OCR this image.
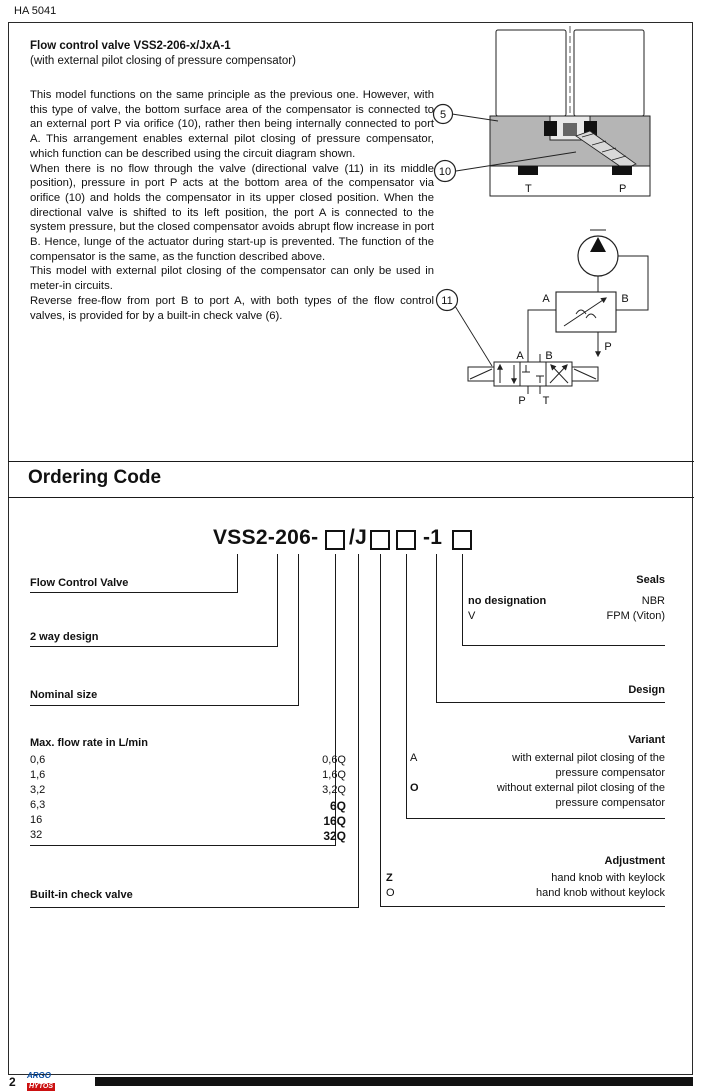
HA 5041
Flow control valve VSS2-206-x/JxA-1
(with external pilot closing of pressure compensator)

This model functions on the same principle as the previous one. However, with this type of valve, the bottom surface area of the compensator is connected to an external port P via orifice (10), rather then being internally connected to port A. This arrangement enables external pilot closing of pressure compensator, which function can be described using the circuit diagram shown.

When there is no flow through the valve (directional valve (11) in its middle position), pressure in port P acts at the bottom area of the compensator via orifice (10) and holds the compensator in its upper closed position. When the directional valve is shifted to its left position, the port A is connected to the system pressure, but the closed compensator avoids abrupt flow increase in port B. Hence, lunge of the actuator during start-up is prevented. The function of the compensator is the same, as the function described above.

This model with external pilot closing of the compensator can only be used in meter-in circuits.

Reverse free-flow from port B to port A, with both types of the flow control valves, is provided for by a built-in check valve (6).

T	P
5
10
A	B
P
A B
P T
11
Ordering Code
VSS2-206- /J	-1
Flow Control Valve
2 way design
Nominal size
Max. flow rate in L/min
0,6	0,6Q
1,6	1,6Q
3,2	3,2Q
6,3	6Q
16	16Q
32	32Q
Built-in check valve
Seals
no designation	NBR
V	FPM (Viton)
Design
Variant
A	with external pilot closing of the
pressure compensator
O	without external pilot closing of the
pressure compensator
Adjustment
Z	hand knob with keylock
O	hand knob without keylock
2 ARGO
HYTOS
